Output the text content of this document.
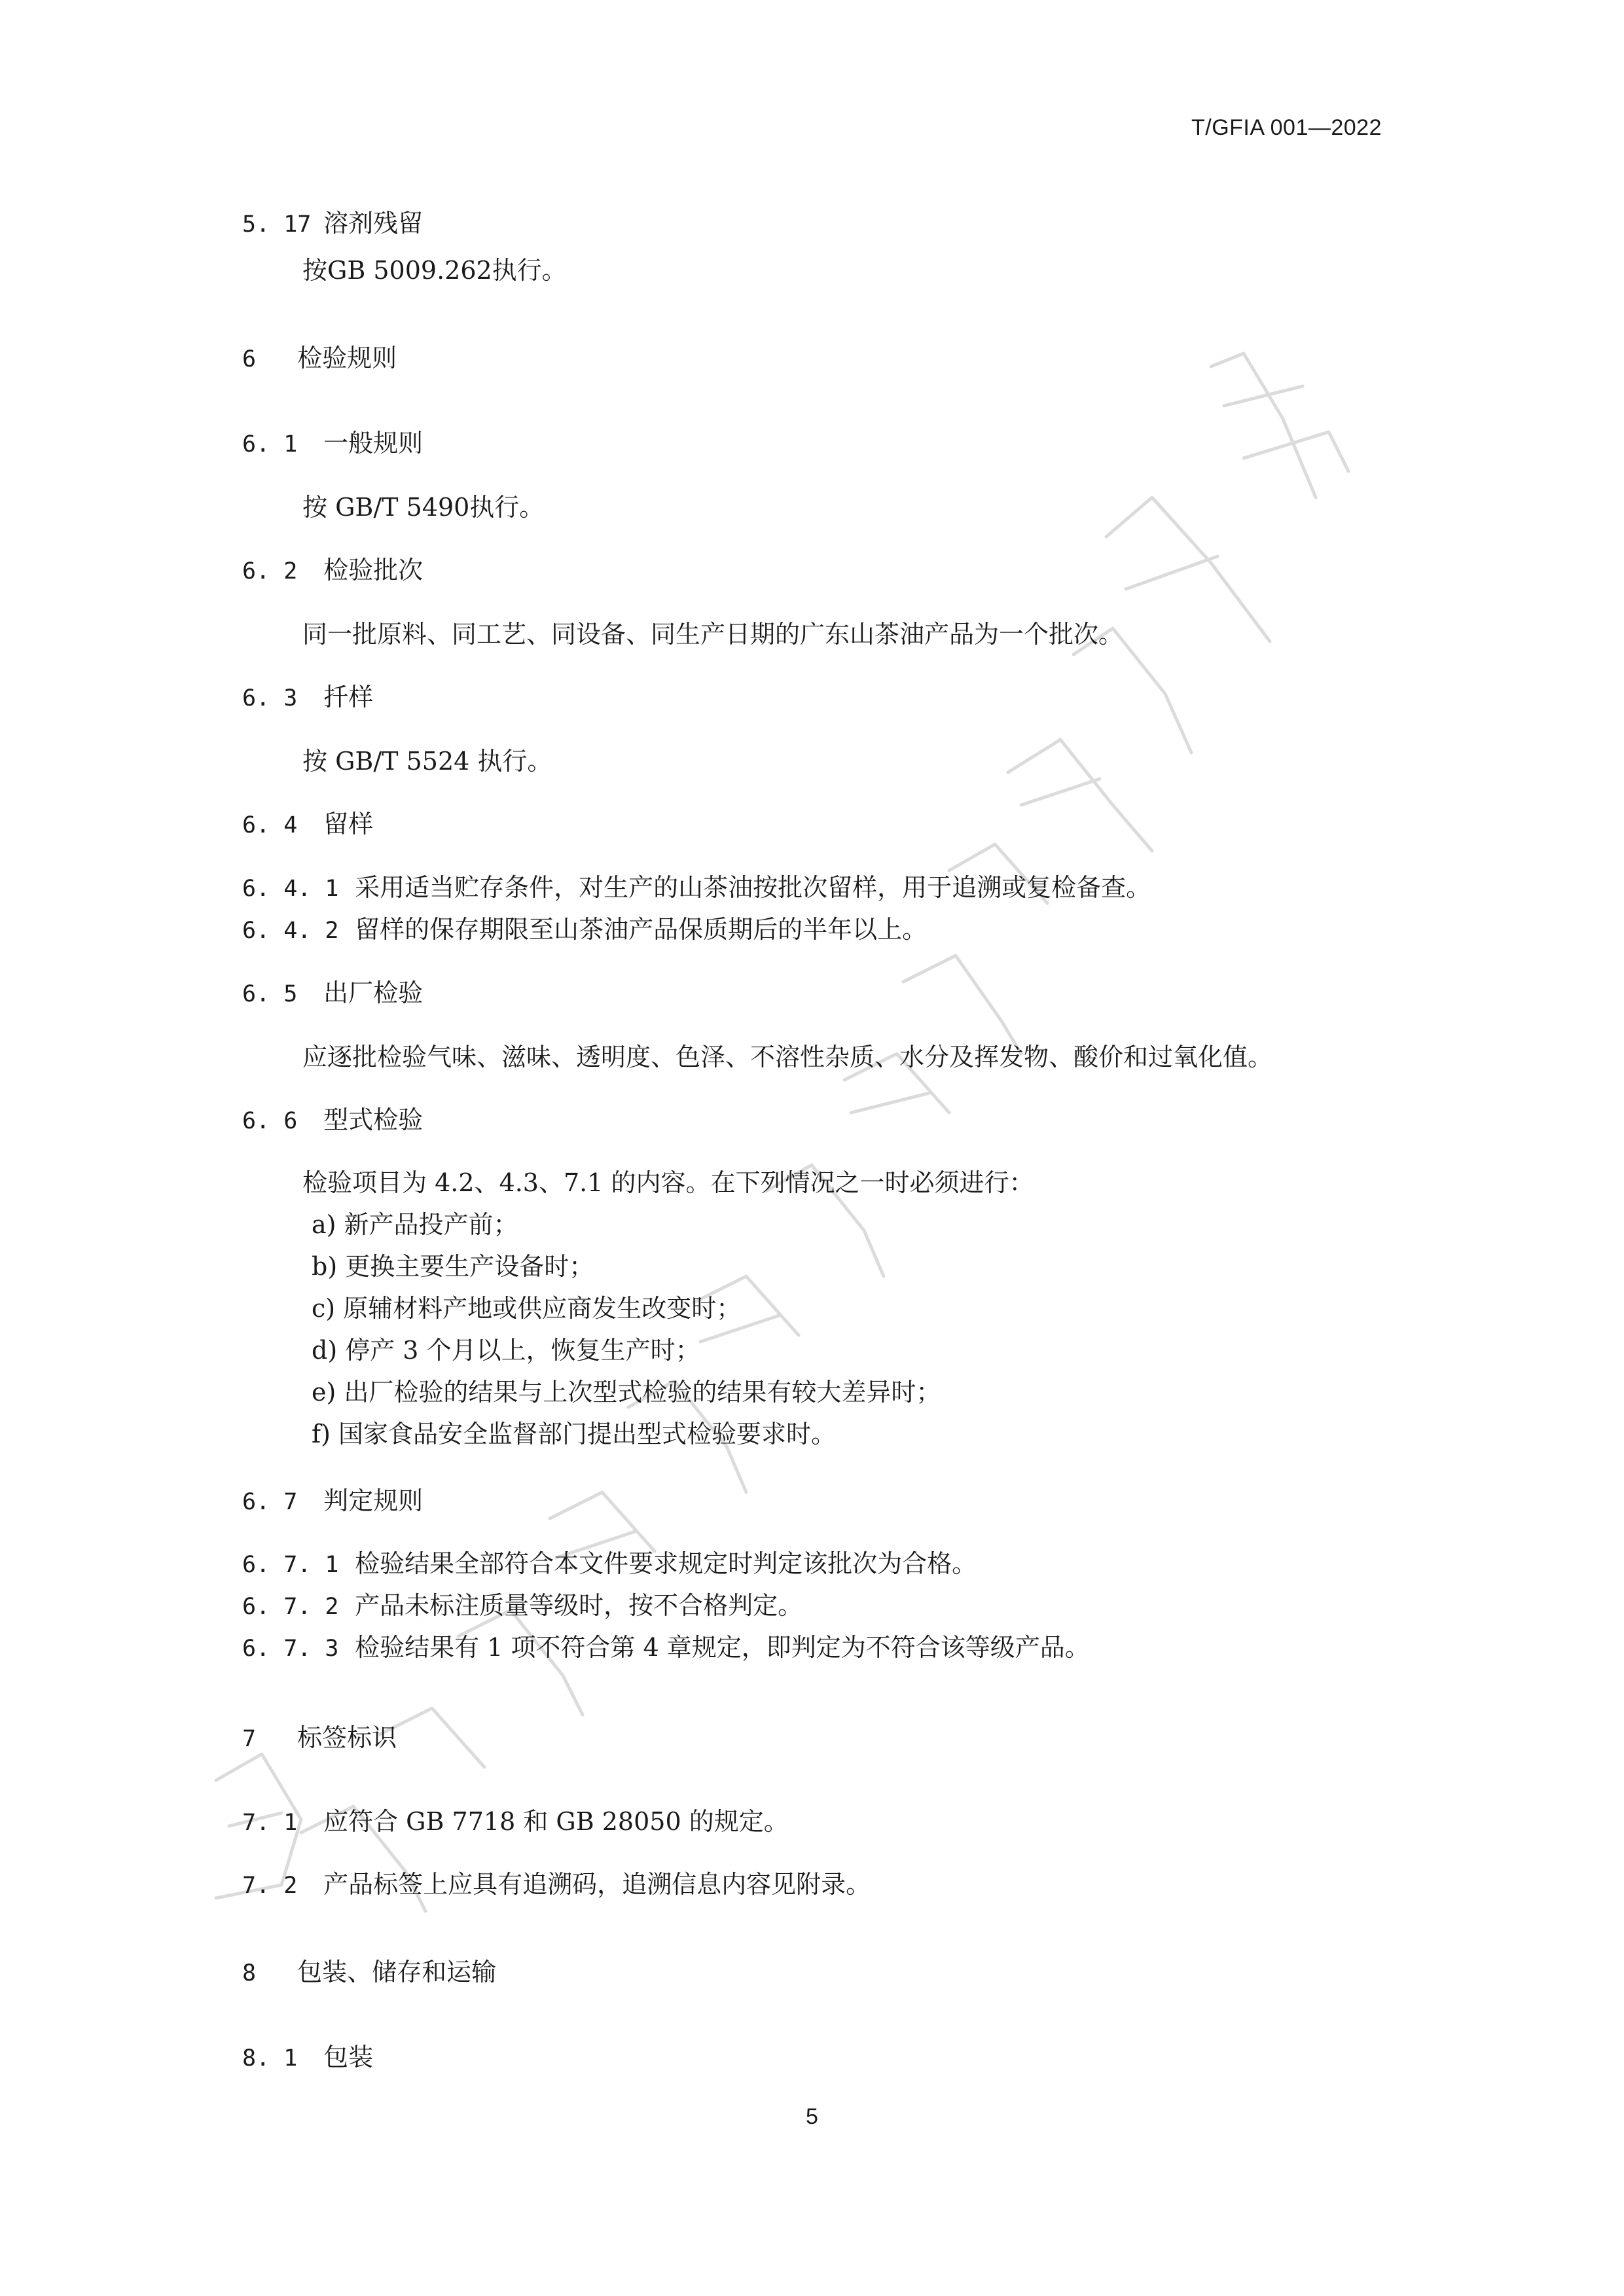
T/GFIA 001—2022
5. 17 溶剂残留
按GB 5009.262执行。
6 检验规则
6. 1 一般规则
按 GB/T 5490执行。
6. 2 检验批次
同一批原料、同工艺、同设备、同生产日期的广东山茶油产品为一个批次。
6. 3 扦样
按 GB/T 5524 执行。
6. 4 留样
6. 4. 1 采用适当贮存条件，对生产的山茶油按批次留样，用于追溯或复检备查。
6. 4. 2 留样的保存期限至山茶油产品保质期后的半年以上。
6. 5 出厂检验
应逐批检验气味、滋味、透明度、色泽、不溶性杂质、水分及挥发物、酸价和过氧化值。
6. 6 型式检验
检验项目为 4.2、4.3、7.1 的内容。在下列情况之一时必须进行：
a) 新产品投产前；
b) 更换主要生产设备时；
c) 原辅材料产地或供应商发生改变时；
d) 停产 3 个月以上，恢复生产时；
e) 出厂检验的结果与上次型式检验的结果有较大差异时；
f) 国家食品安全监督部门提出型式检验要求时。
6. 7 判定规则
6. 7. 1 检验结果全部符合本文件要求规定时判定该批次为合格。
6. 7. 2 产品未标注质量等级时，按不合格判定。
6. 7. 3 检验结果有 1 项不符合第 4 章规定，即判定为不符合该等级产品。
7 标签标识
7. 1 应符合 GB 7718 和 GB 28050 的规定。
7. 2 产品标签上应具有追溯码，追溯信息内容见附录。
8 包装、储存和运输
8. 1 包装
5
